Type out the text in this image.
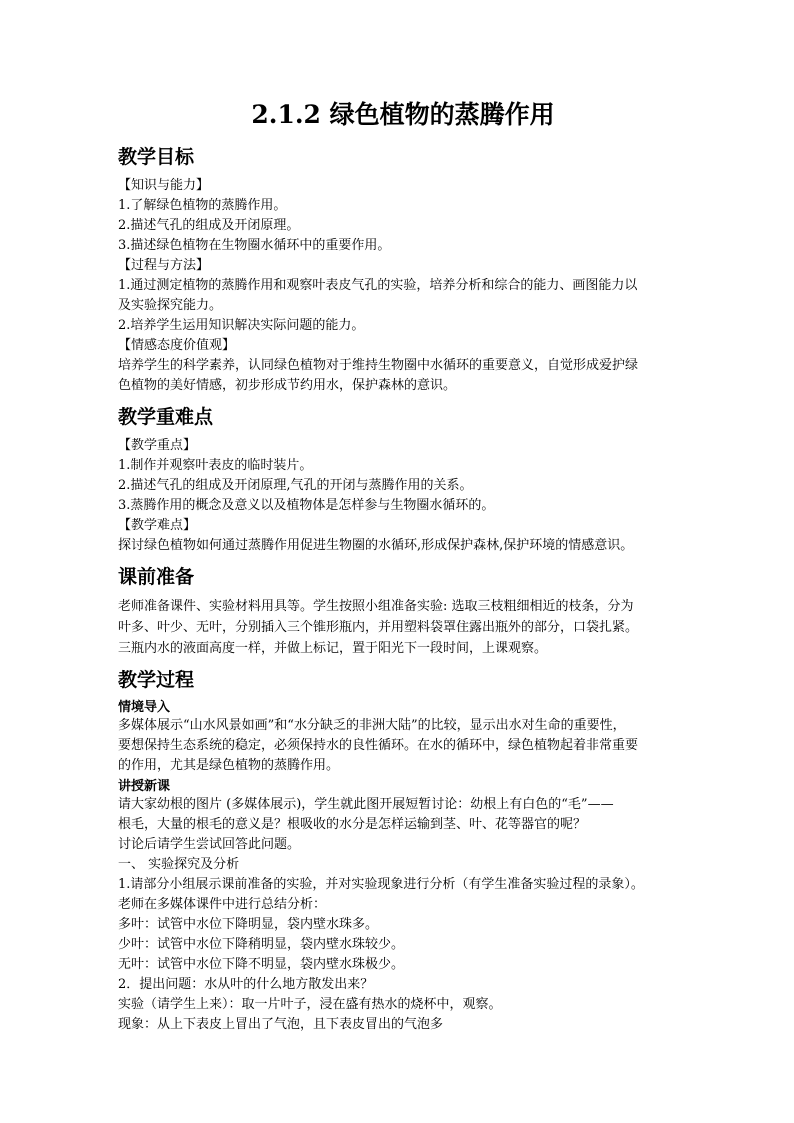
2.1.2 绿色植物的蒸腾作用
教学目标
【知识与能力】
1.了解绿色植物的蒸腾作用。
2.描述气孔的组成及开闭原理。
3.描述绿色植物在生物圈水循环中的重要作用。
【过程与方法】
1.通过测定植物的蒸腾作用和观察叶表皮气孔的实验，培养分析和综合的能力、画图能力以
及实验探究能力。
2.培养学生运用知识解决实际问题的能力。
【情感态度价值观】
培养学生的科学素养，认同绿色植物对于维持生物圈中水循环的重要意义，自觉形成爱护绿
色植物的美好情感，初步形成节约用水，保护森林的意识。
教学重难点
【教学重点】
1.制作并观察叶表皮的临时装片。
2.描述气孔的组成及开闭原理,气孔的开闭与蒸腾作用的关系。
3.蒸腾作用的概念及意义以及植物体是怎样参与生物圈水循环的。
【教学难点】
探讨绿色植物如何通过蒸腾作用促进生物圈的水循环,形成保护森林,保护环境的情感意识。
课前准备
老师准备课件、实验材料用具等。学生按照小组准备实验: 选取三枝粗细相近的枝条，分为
叶多、叶少、无叶，分别插入三个锥形瓶内，并用塑料袋罩住露出瓶外的部分，口袋扎紧。
三瓶内水的液面高度一样，并做上标记，置于阳光下一段时间，上课观察。
教学过程
情境导入
多媒体展示“山水风景如画”和“水分缺乏的非洲大陆”的比较，显示出水对生命的重要性，
要想保持生态系统的稳定，必须保持水的良性循环。在水的循环中，绿色植物起着非常重要
的作用，尤其是绿色植物的蒸腾作用。
讲授新课
请大家幼根的图片 (多媒体展示)，学生就此图开展短暂讨论：幼根上有白色的“毛”——
根毛，大量的根毛的意义是？根吸收的水分是怎样运输到茎、叶、花等器官的呢？
讨论后请学生尝试回答此问题。
一、 实验探究及分析
1.请部分小组展示课前准备的实验，并对实验现象进行分析（有学生准备实验过程的录象）。
老师在多媒体课件中进行总结分析：
多叶：试管中水位下降明显，袋内壁水珠多。
少叶：试管中水位下降稍明显，袋内壁水珠较少。
无叶：试管中水位下降不明显，袋内壁水珠极少。
2．提出问题：水从叶的什么地方散发出来？
实验（请学生上来）：取一片叶子，浸在盛有热水的烧杯中，观察。
现象：从上下表皮上冒出了气泡，且下表皮冒出的气泡多
